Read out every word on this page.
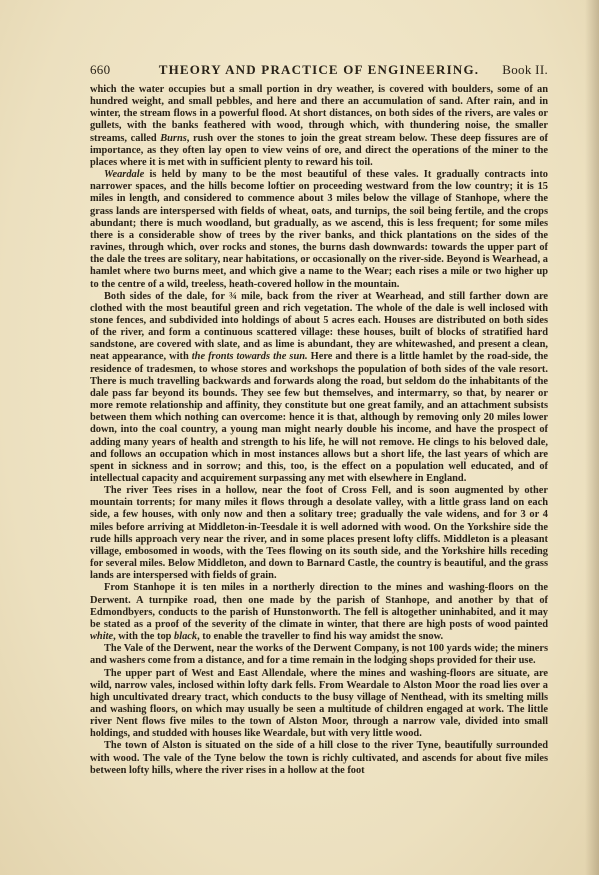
660	THEORY AND PRACTICE OF ENGINEERING.	Book II.

which the water occupies but a small portion in dry weather, is covered with boulders, some of an hundred weight, and small pebbles, and here and there an accumulation of sand. After rain, and in winter, the stream flows in a powerful flood. At short distances, on both sides of the rivers, are vales or gullets, with the banks feathered with wood, through which, with thundering noise, the smaller streams, called Burns, rush over the stones to join the great stream below. These deep fissures are of importance, as they often lay open to view veins of ore, and direct the operations of the miner to the places where it is met with in sufficient plenty to reward his toil.

Weardale is held by many to be the most beautiful of these vales. It gradually contracts into narrower spaces, and the hills become loftier on proceeding westward from the low country; it is 15 miles in length, and considered to commence about 3 miles below the village of Stanhope, where the grass lands are interspersed with fields of wheat, oats, and turnips, the soil being fertile, and the crops abundant; there is much woodland, but gradually, as we ascend, this is less frequent; for some miles there is a considerable show of trees by the river banks, and thick plantations on the sides of the ravines, through which, over rocks and stones, the burns dash downwards: towards the upper part of the dale the trees are solitary, near habitations, or occasionally on the river-side. Beyond is Wearhead, a hamlet where two burns meet, and which give a name to the Wear; each rises a mile or two higher up to the centre of a wild, treeless, heath-covered hollow in the mountain.

Both sides of the dale, for ¾ mile, back from the river at Wearhead, and still farther down are clothed with the most beautiful green and rich vegetation. The whole of the dale is well inclosed with stone fences, and subdivided into holdings of about 5 acres each. Houses are distributed on both sides of the river, and form a continuous scattered village: these houses, built of blocks of stratified hard sandstone, are covered with slate, and as lime is abundant, they are whitewashed, and present a clean, neat appearance, with the fronts towards the sun. Here and there is a little hamlet by the road-side, the residence of tradesmen, to whose stores and workshops the population of both sides of the vale resort. There is much travelling backwards and forwards along the road, but seldom do the inhabitants of the dale pass far beyond its bounds. They see few but themselves, and intermarry, so that, by nearer or more remote relationship and affinity, they constitute but one great family, and an attachment subsists between them which nothing can overcome: hence it is that, although by removing only 20 miles lower down, into the coal country, a young man might nearly double his income, and have the prospect of adding many years of health and strength to his life, he will not remove. He clings to his beloved dale, and follows an occupation which in most instances allows but a short life, the last years of which are spent in sickness and in sorrow; and this, too, is the effect on a population well educated, and of intellectual capacity and acquirement surpassing any met with elsewhere in England.

The river Tees rises in a hollow, near the foot of Cross Fell, and is soon augmented by other mountain torrents; for many miles it flows through a desolate valley, with a little grass land on each side, a few houses, with only now and then a solitary tree; gradually the vale widens, and for 3 or 4 miles before arriving at Middleton-in-Teesdale it is well adorned with wood. On the Yorkshire side the rude hills approach very near the river, and in some places present lofty cliffs. Middleton is a pleasant village, embosomed in woods, with the Tees flowing on its south side, and the Yorkshire hills receding for several miles. Below Middleton, and down to Barnard Castle, the country is beautiful, and the grass lands are interspersed with fields of grain.

From Stanhope it is ten miles in a northerly direction to the mines and washing-floors on the Derwent. A turnpike road, then one made by the parish of Stanhope, and another by that of Edmondbyers, conducts to the parish of Hunstonworth. The fell is altogether uninhabited, and it may be stated as a proof of the severity of the climate in winter, that there are high posts of wood painted white, with the top black, to enable the traveller to find his way amidst the snow.

The Vale of the Derwent, near the works of the Derwent Company, is not 100 yards wide; the miners and washers come from a distance, and for a time remain in the lodging shops provided for their use.

The upper part of West and East Allendale, where the mines and washing-floors are situate, are wild, narrow vales, inclosed within lofty dark fells. From Weardale to Alston Moor the road lies over a high uncultivated dreary tract, which conducts to the busy village of Nenthead, with its smelting mills and washing floors, on which may usually be seen a multitude of children engaged at work. The little river Nent flows five miles to the town of Alston Moor, through a narrow vale, divided into small holdings, and studded with houses like Weardale, but with very little wood.

The town of Alston is situated on the side of a hill close to the river Tyne, beautifully surrounded with wood. The vale of the Tyne below the town is richly cultivated, and ascends for about five miles between lofty hills, where the river rises in a hollow at the foot
